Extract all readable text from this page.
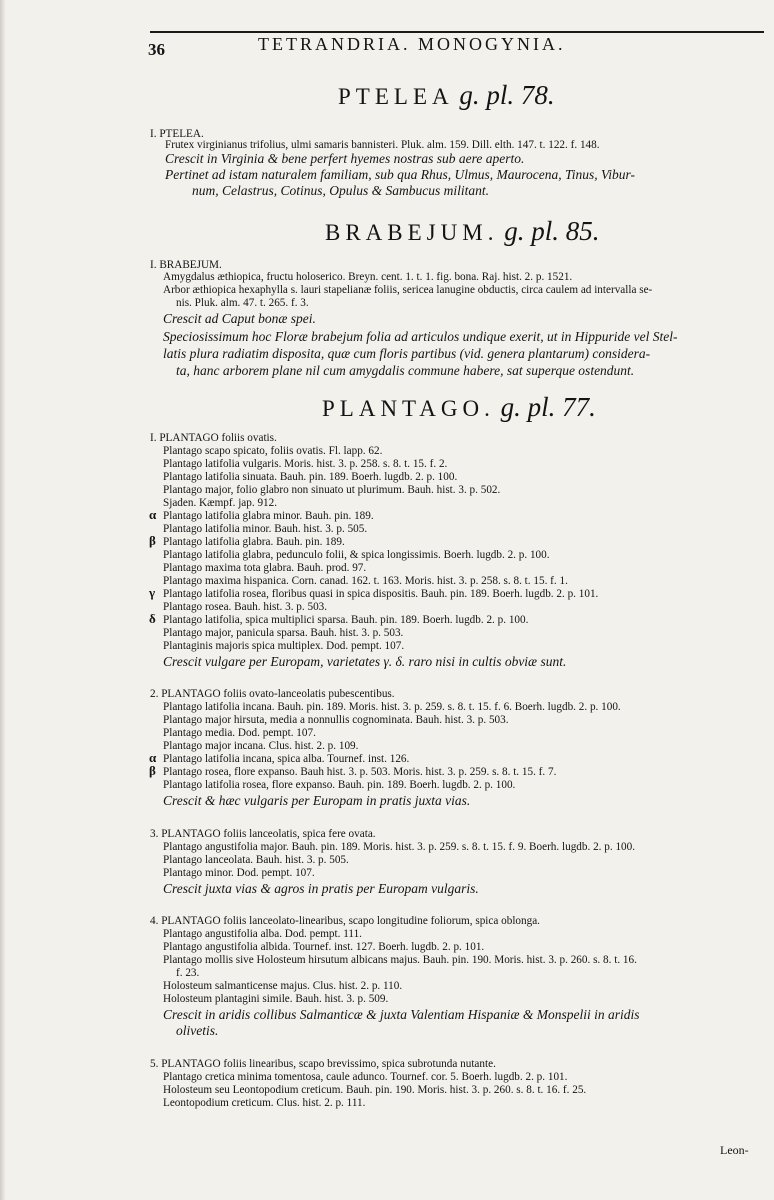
36	TETRANDRIA. MONOGYNIA.
PTELEA g. pl. 78.
I. PTELEA.
Frutex virginianus trifolius, ulmi samaris bannisteri. Pluk. alm. 159. Dill. elth. 147. t. 122. f. 148.
Crescit in Virginia & bene perfert hyemes nostras sub aere aperto.
Pertinet ad istam naturalem familiam, sub qua Rhus, Ulmus, Maurocena, Tinus, Vibur-
num, Celastrus, Cotinus, Opulus & Sambucus militant.
BRABEJUM. g. pl. 85.
I. BRABEJUM.
Amygdalus æthiopica, fructu holoserico. Breyn. cent. 1. t. 1. fig. bona. Raj. hist. 2. p. 1521.
Arbor æthiopica hexaphylla s. lauri stapelianæ foliis, sericea lanugine obductis, circa caulem ad intervalla se-
nis. Pluk. alm. 47. t. 265. f. 3.
Crescit ad Caput bonæ spei.
Speciosissimum hoc Floræ brabejum folia ad articulos undique exerit, ut in Hippuride vel Stel-
latis plura radiatim disposita, quæ cum floris partibus (vid. genera plantarum) considera-
ta, hanc arborem plane nil cum amygdalis commune habere, sat superque ostendunt.
PLANTAGO. g. pl. 77.
I. PLANTAGO foliis ovatis.
Plantago scapo spicato, foliis ovatis. Fl. lapp. 62.
Plantago latifolia vulgaris. Moris. hist. 3. p. 258. s. 8. t. 15. f. 2.
Plantago latifolia sinuata. Bauh. pin. 189. Boerh. lugdb. 2. p. 100.
Plantago major, folio glabro non sinuato ut plurimum. Bauh. hist. 3. p. 502.
Sjaden. Kæmpf. jap. 912.
α Plantago latifolia glabra minor. Bauh. pin. 189.
Plantago latifolia minor. Bauh. hist. 3. p. 505.
β Plantago latifolia glabra. Bauh. pin. 189.
Plantago latifolia glabra, pedunculo folii, & spica longissimis. Boerh. lugdb. 2. p. 100.
Plantago maxima tota glabra. Bauh. prod. 97.
Plantago maxima hispanica. Corn. canad. 162. t. 163. Moris. hist. 3. p. 258. s. 8. t. 15. f. 1.
γ Plantago latifolia rosea, floribus quasi in spica dispositis. Bauh. pin. 189. Boerh. lugdb. 2. p. 101.
Plantago rosea. Bauh. hist. 3. p. 503.
δ Plantago latifolia, spica multiplici sparsa. Bauh. pin. 189. Boerh. lugdb. 2. p. 100.
Plantago major, panicula sparsa. Bauh. hist. 3. p. 503.
Plantaginis majoris spica multiplex. Dod. pempt. 107.
Crescit vulgare per Europam, varietates γ. δ. raro nisi in cultis obviæ sunt.
2. PLANTAGO foliis ovato-lanceolatis pubescentibus.
Plantago latifolia incana. Bauh. pin. 189. Moris. hist. 3. p. 259. s. 8. t. 15. f. 6. Boerh. lugdb. 2. p. 100.
Plantago major hirsuta, media a nonnullis cognominata. Bauh. hist. 3. p. 503.
Plantago media. Dod. pempt. 107.
Plantago major incana. Clus. hist. 2. p. 109.
α Plantago latifolia incana, spica alba. Tournef. inst. 126.
β Plantago rosea, flore expanso. Bauh hist. 3. p. 503. Moris. hist. 3. p. 259. s. 8. t. 15. f. 7.
Plantago latifolia rosea, flore expanso. Bauh. pin. 189. Boerh. lugdb. 2. p. 100.
Crescit & hæc vulgaris per Europam in pratis juxta vias.
3. PLANTAGO foliis lanceolatis, spica fere ovata.
Plantago angustifolia major. Bauh. pin. 189. Moris. hist. 3. p. 259. s. 8. t. 15. f. 9. Boerh. lugdb. 2. p. 100.
Plantago lanceolata. Bauh. hist. 3. p. 505.
Plantago minor. Dod. pempt. 107.
Crescit juxta vias & agros in pratis per Europam vulgaris.
4. PLANTAGO foliis lanceolato-linearibus, scapo longitudine foliorum, spica oblonga.
Plantago angustifolia alba. Dod. pempt. 111.
Plantago angustifolia albida. Tournef. inst. 127. Boerh. lugdb. 2. p. 101.
Plantago mollis sive Holosteum hirsutum albicans majus. Bauh. pin. 190. Moris. hist. 3. p. 260. s. 8. t. 16.
f. 23.
Holosteum salmanticense majus. Clus. hist. 2. p. 110.
Holosteum plantagini simile. Bauh. hist. 3. p. 509.
Crescit in aridis collibus Salmanticæ & juxta Valentiam Hispaniæ & Monspelii in aridis
olivetis.
5. PLANTAGO foliis linearibus, scapo brevissimo, spica subrotunda nutante.
Plantago cretica minima tomentosa, caule adunco. Tournef. cor. 5. Boerh. lugdb. 2. p. 101.
Holosteum seu Leontopodium creticum. Bauh. pin. 190. Moris. hist. 3. p. 260. s. 8. t. 16. f. 25.
Leontopodium creticum. Clus. hist. 2. p. 111.
Leon-
